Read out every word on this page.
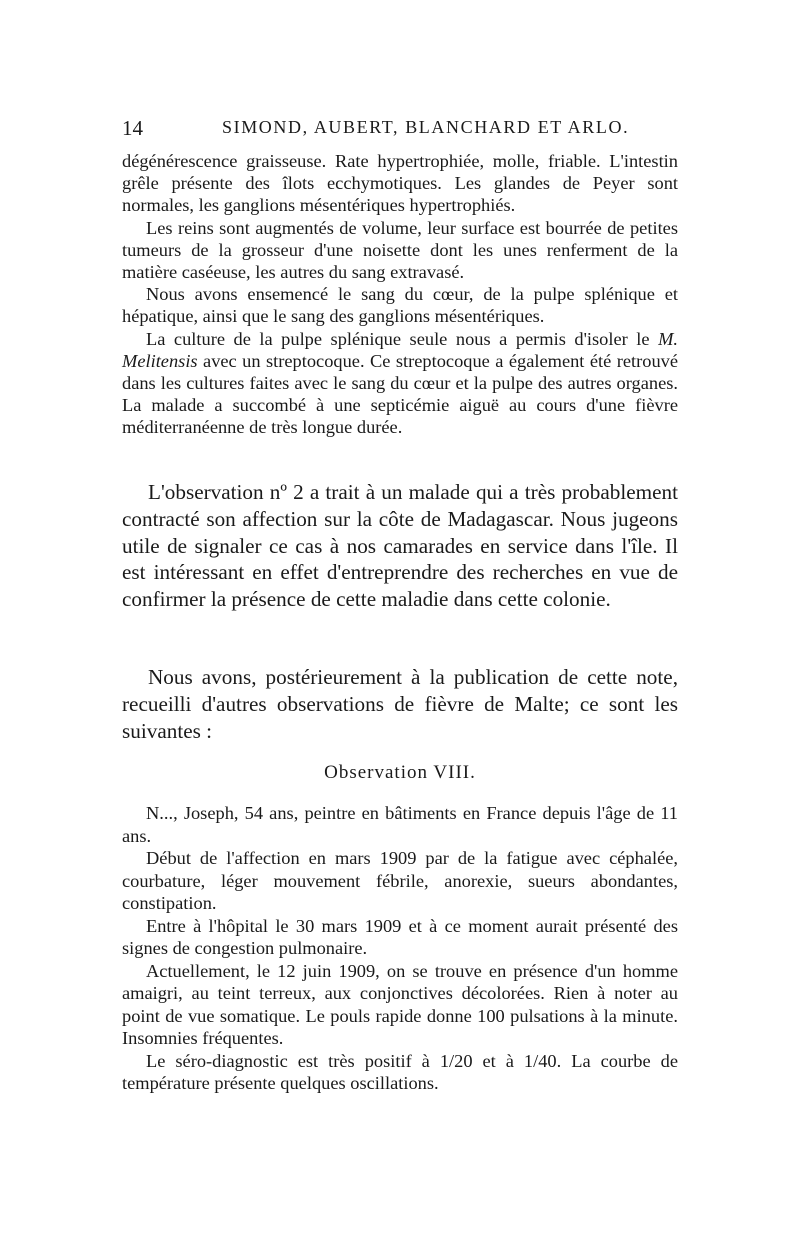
14	SIMOND, AUBERT, BLANCHARD ET ARLO.

dégénérescence graisseuse. Rate hypertrophiée, molle, friable. L'intestin grêle présente des îlots ecchymotiques. Les glandes de Peyer sont normales, les ganglions mésentériques hypertrophiés.

Les reins sont augmentés de volume, leur surface est bourrée de petites tumeurs de la grosseur d'une noisette dont les unes renferment de la matière caséeuse, les autres du sang extravasé.

Nous avons ensemencé le sang du cœur, de la pulpe splénique et hépatique, ainsi que le sang des ganglions mésentériques.

La culture de la pulpe splénique seule nous a permis d'isoler le M. Melitensis avec un streptocoque. Ce streptocoque a également été retrouvé dans les cultures faites avec le sang du cœur et la pulpe des autres organes. La malade a succombé à une septicémie aiguë au cours d'une fièvre méditerranéenne de très longue durée.

L'observation nº 2 a trait à un malade qui a très probablement contracté son affection sur la côte de Madagascar. Nous jugeons utile de signaler ce cas à nos camarades en service dans l'île. Il est intéressant en effet d'entreprendre des recherches en vue de confirmer la présence de cette maladie dans cette colonie.

Nous avons, postérieurement à la publication de cette note, recueilli d'autres observations de fièvre de Malte; ce sont les suivantes :

Observation VIII.

N..., Joseph, 54 ans, peintre en bâtiments en France depuis l'âge de 11 ans.

Début de l'affection en mars 1909 par de la fatigue avec céphalée, courbature, léger mouvement fébrile, anorexie, sueurs abondantes, constipation.

Entre à l'hôpital le 30 mars 1909 et à ce moment aurait présenté des signes de congestion pulmonaire.

Actuellement, le 12 juin 1909, on se trouve en présence d'un homme amaigri, au teint terreux, aux conjonctives décolorées. Rien à noter au point de vue somatique. Le pouls rapide donne 100 pulsations à la minute. Insomnies fréquentes.

Le séro-diagnostic est très positif à 1/20 et à 1/40. La courbe de température présente quelques oscillations.
